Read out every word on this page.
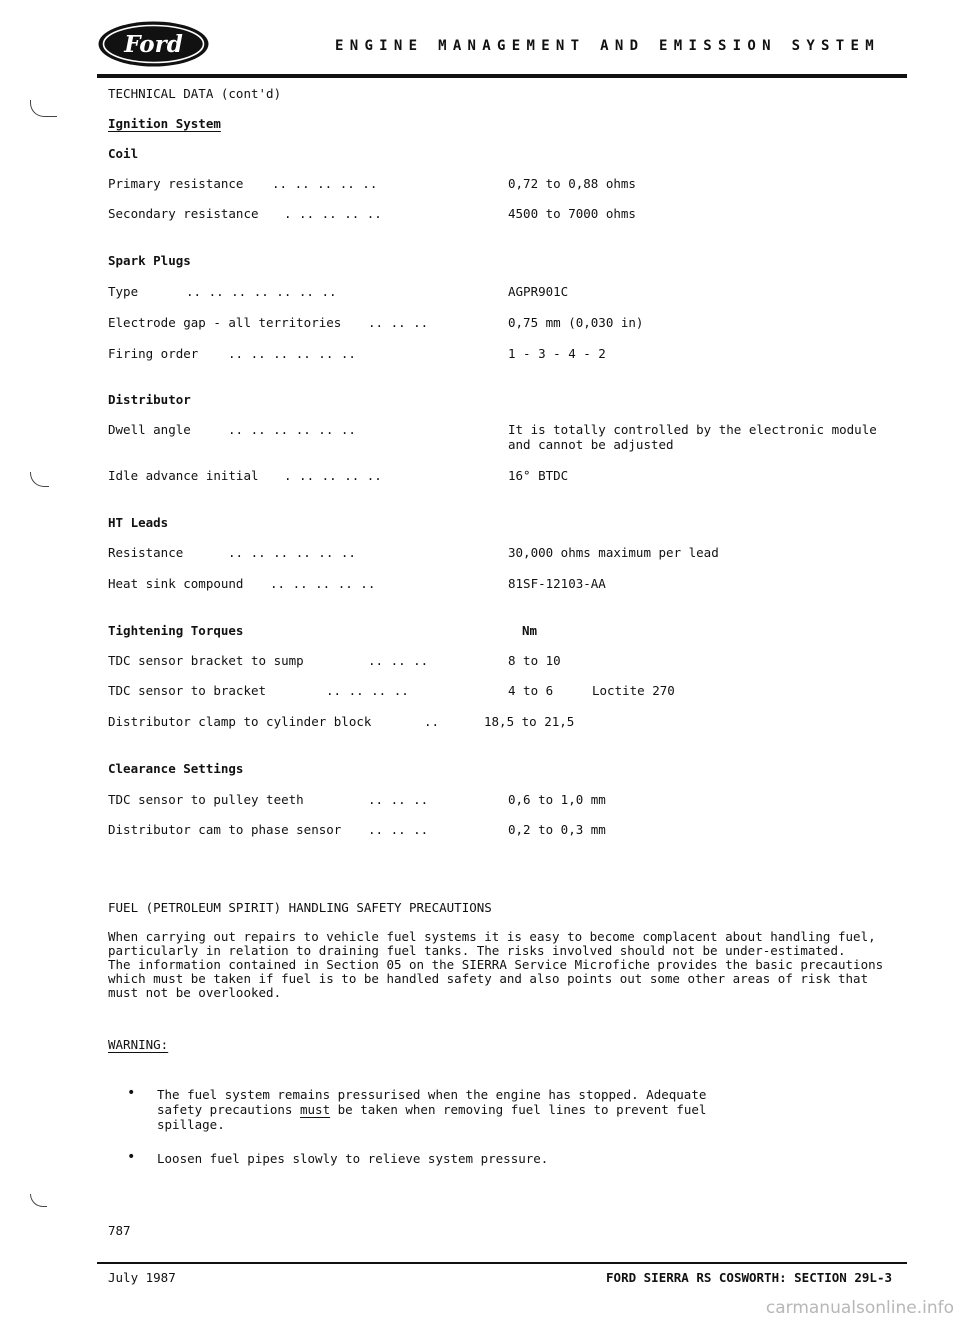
Ford	ENGINE MANAGEMENT AND EMISSION SYSTEM
TECHNICAL DATA (cont'd)
Ignition System
Coil
Primary resistance .. .. .. .. ..	0,72 to 0,88 ohms
Secondary resistance . .. .. .. ..	4500 to 7000 ohms
Spark Plugs
Type	.. .. .. .. .. .. ..	AGPR901C
Electrode gap - all territories .. .. ..	0,75 mm (0,030 in)
Firing order .. .. .. .. .. ..	1 - 3 - 4 - 2
Distributor
Dwell angle	.. .. .. .. .. ..	It is totally controlled by the electronic module
and cannot be adjusted
Idle advance initial . .. .. .. ..	16° BTDC
HT Leads
Resistance	.. .. .. .. .. ..	30,000 ohms maximum per lead
Heat sink compound .. .. .. .. ..	81SF-12103-AA
Tightening Torques	Nm
TDC sensor bracket to sump	.. .. ..	8 to 10
TDC sensor to bracket	.. .. .. ..	4 to 6	Loctite 270
Distributor clamp to cylinder block	..	18,5 to 21,5
Clearance Settings
TDC sensor to pulley teeth	.. .. ..	0,6 to 1,0 mm
Distributor cam to phase sensor .. .. ..	0,2 to 0,3 mm
FUEL (PETROLEUM SPIRIT) HANDLING SAFETY PRECAUTIONS
When carrying out repairs to vehicle fuel systems it is easy to become complacent about handling fuel,
particularly in relation to draining fuel tanks. The risks involved should not be under-estimated.
The information contained in Section 05 on the SIERRA Service Microfiche provides the basic precautions
which must be taken if fuel is to be handled safety and also points out some other areas of risk that
must not be overlooked.
WARNING:
• The fuel system remains pressurised when the engine has stopped. Adequate
safety precautions must be taken when removing fuel lines to prevent fuel
spillage.
• Loosen fuel pipes slowly to relieve system pressure.
787
July 1987	FORD SIERRA RS COSWORTH: SECTION 29L-3
carmanualsonline.info
